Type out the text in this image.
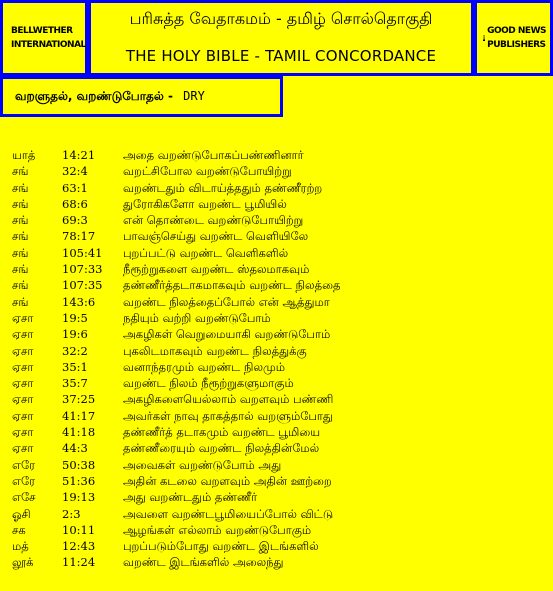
BELLWETHER
INTERNATIONAL
பரிசுத்த வேதாகமம் - தமிழ் சொல்தொகுதி
THE HOLY BIBLE - TAMIL CONCORDANCE
GOOD NEWS
PUBLISHERS
வறளுதல், வறண்டுபோதல் - DRY
யாத்	14:21	அதை வறண்டுபோகப்பண்ணினார்
சங்	32:4	வறட்சிபோல வறண்டுபோயிற்று
சங்	63:1	வறண்டதும் விடாய்த்ததும் தண்ணீரற்ற
சங்	68:6	துரோகிகளோ வறண்ட பூமியில்
சங்	69:3	என் தொண்டை வறண்டுபோயிற்று
சங்	78:17	பாவஞ்செய்து வறண்ட வெளியிலே
சங்	105:41	புறப்பட்டு வறண்ட வெளிகளில்
சங்	107:33	நீரூற்றுகளை வறண்ட ஸ்தலமாகவும்
சங்	107:35	தண்ணீர்த்தடாகமாகவும் வறண்ட நிலத்தை
சங்	143:6	வறண்ட நிலத்தைப்போல் என் ஆத்துமா
ஏசா	19:5	நதியும் வற்றி வறண்டுபோம்
ஏசா	19:6	அகழிகள் வெறுமையாகி வறண்டுபோம்
ஏசா	32:2	புகலிடமாகவும் வறண்ட நிலத்துக்கு
ஏசா	35:1	வனாந்தரமும் வறண்ட நிலமும்
ஏசா	35:7	வறண்ட நிலம் நீரூற்றுகளுமாகும்
ஏசா	37:25	அகழிகளையெல்லாம் வறளவும் பண்ணி
ஏசா	41:17	அவர்கள் நாவு தாகத்தால் வறளும்போது
ஏசா	41:18	தண்ணீர்த் தடாகமும் வறண்ட பூமியை
ஏசா	44:3	தண்ணீரையும் வறண்ட நிலத்தின்மேல்
எரே	50:38	அவைகள் வறண்டுபோம் அது
எரே	51:36	அதின் கடலை வறளவும் அதின் ஊற்றை
எசே	19:13	அது வறண்டதும் தண்ணீர்
ஓசி	2:3	அவளை வறண்டபூமியைப்போல் விட்டு
சக	10:11	ஆழங்கள் எல்லாம் வறண்டுபோகும்
மத்	12:43	புறப்படும்போது வறண்ட இடங்களில்
லூக்	11:24	வறண்ட இடங்களில் அலைந்து
